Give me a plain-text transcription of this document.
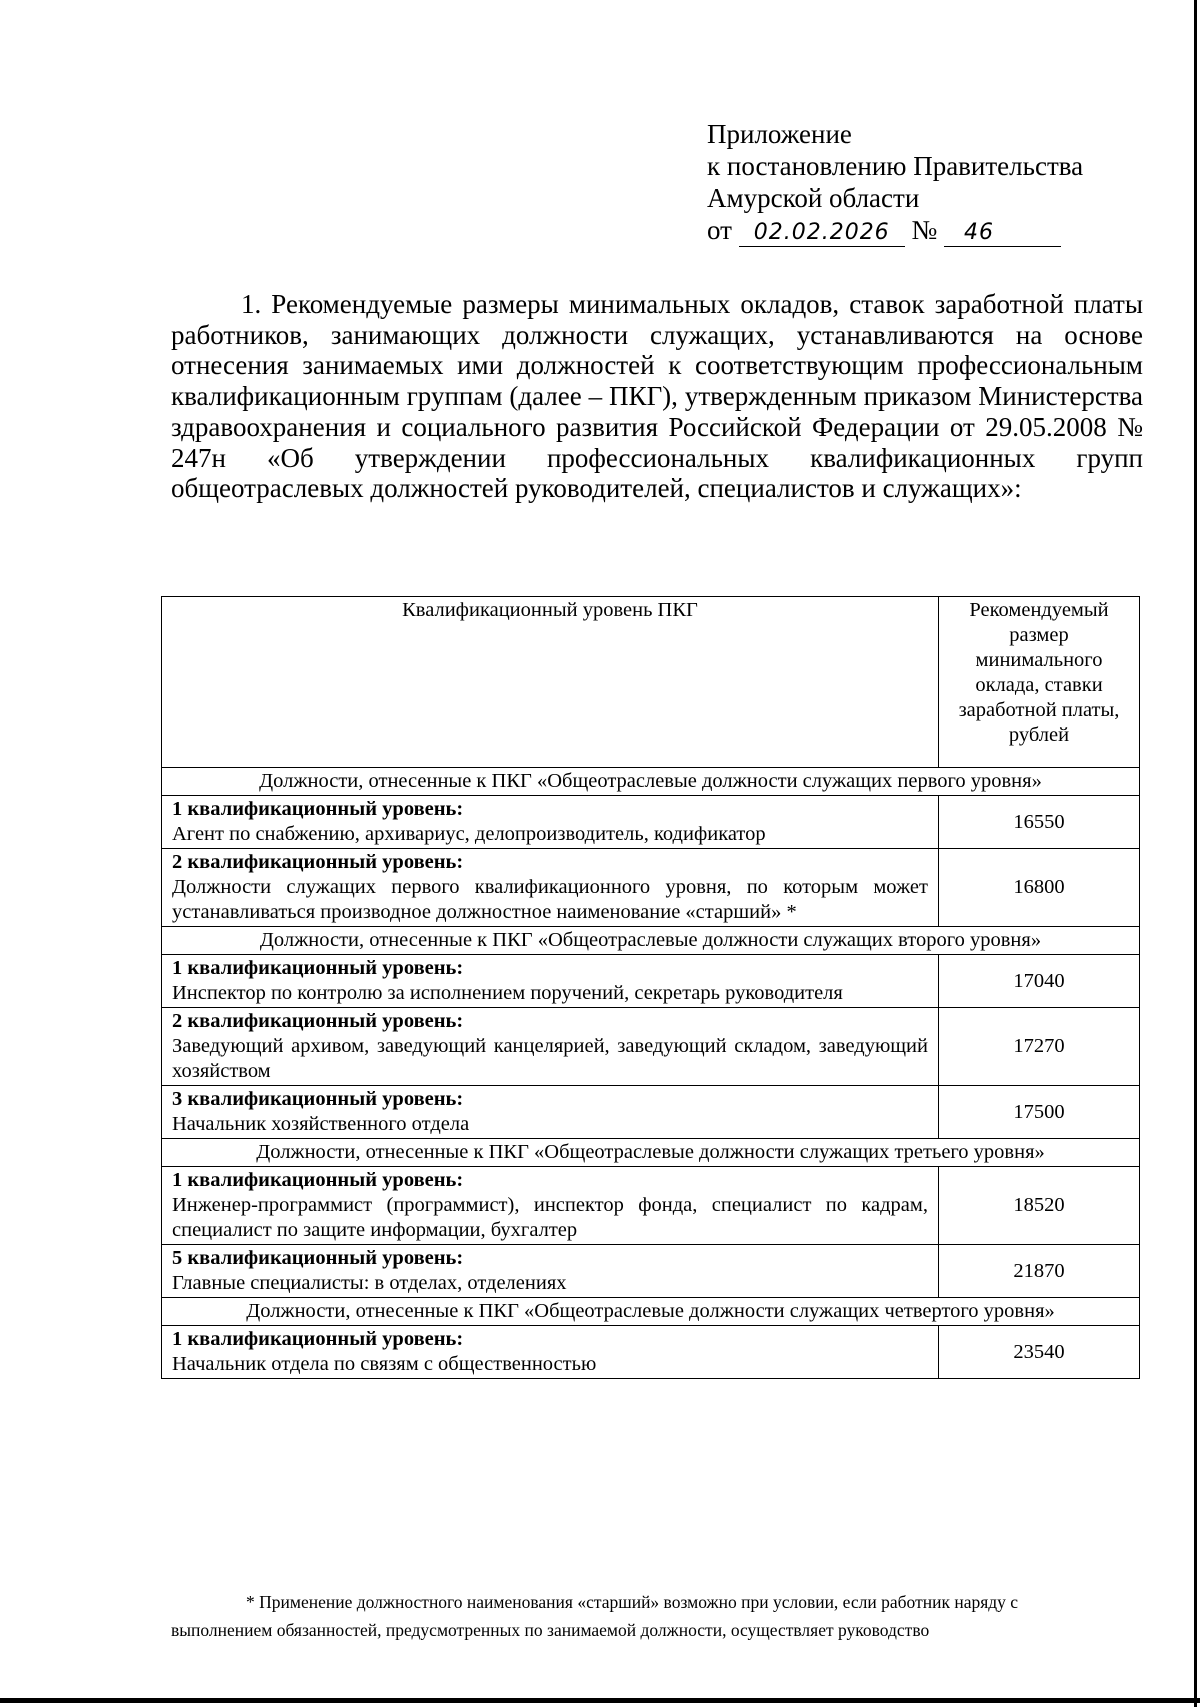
Приложение
к постановлению Правительства
Амурской области
от 02.02.2026 № 46

1. Рекомендуемые размеры минимальных окладов, ставок заработной платы работников, занимающих должности служащих, устанавливаются на основе отнесения занимаемых ими должностей к соответствующим профессиональным квалификационным группам (далее – ПКГ), утвержденным приказом Министерства здравоохранения и социального развития Российской Федерации от 29.05.2008 № 247н «Об утверждении профессиональных квалификационных групп общеотраслевых должностей руководителей, специалистов и служащих»:

Квалификационный уровень ПКГ	Рекомендуемый размер минимального оклада, ставки заработной платы, рублей
Должности, отнесенные к ПКГ «Общеотраслевые должности служащих первого уровня»	
1 квалификационный уровень:
Агент по снабжению, архивариус, делопроизводитель, кодификатор	16550
2 квалификационный уровень:
Должности служащих первого квалификационного уровня, по которым может устанавливаться производное должностное наименование «старший» *	16800
Должности, отнесенные к ПКГ «Общеотраслевые должности служащих второго уровня»	
1 квалификационный уровень:
Инспектор по контролю за исполнением поручений, секретарь руководителя	17040
2 квалификационный уровень:
Заведующий архивом, заведующий канцелярией, заведующий складом, заведующий хозяйством	17270
3 квалификационный уровень:
Начальник хозяйственного отдела	17500
Должности, отнесенные к ПКГ «Общеотраслевые должности служащих третьего уровня»	
1 квалификационный уровень:
Инженер-программист (программист), инспектор фонда, специалист по кадрам, специалист по защите информации, бухгалтер	18520
5 квалификационный уровень:
Главные специалисты: в отделах, отделениях	21870
Должности, отнесенные к ПКГ «Общеотраслевые должности служащих четвертого уровня»	
1 квалификационный уровень:
Начальник отдела по связям с общественностью	23540
* Применение должностного наименования «старший» возможно при условии, если работник наряду с
выполнением обязанностей, предусмотренных по занимаемой должности, осуществляет руководство
